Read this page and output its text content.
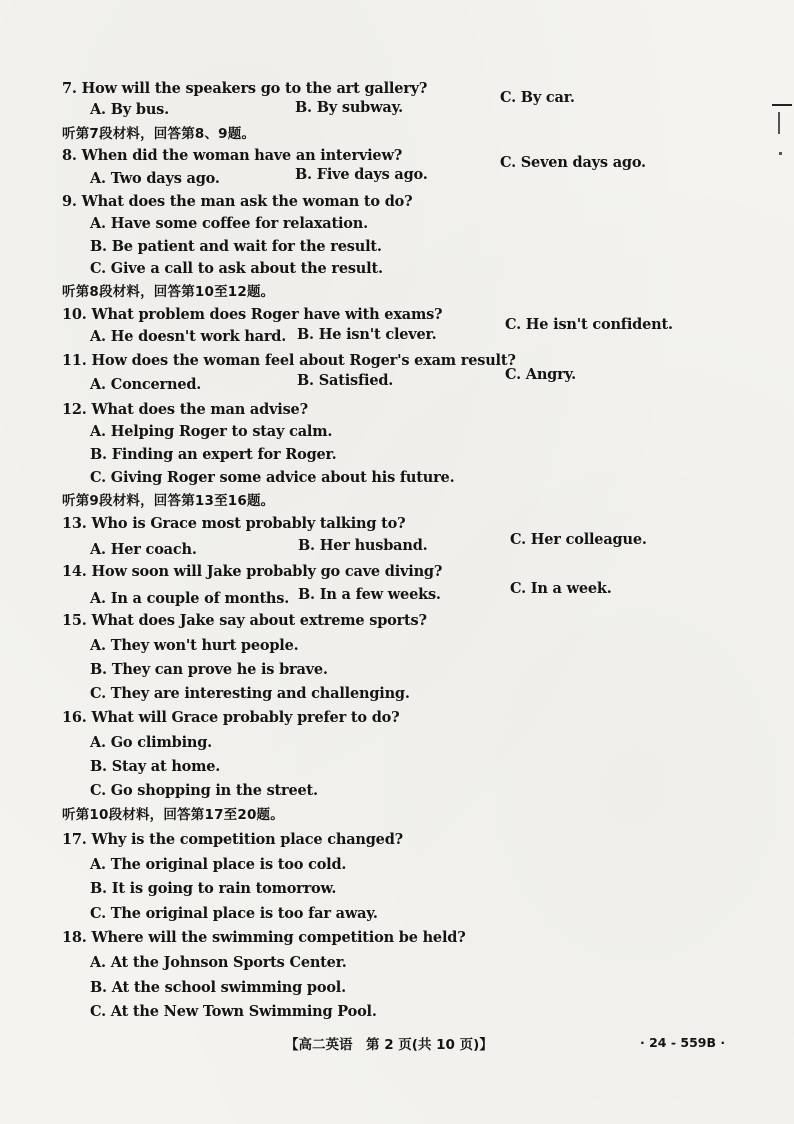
7. How will the speakers go to the art gallery?
A. By bus.	B. By subway.
C. By car.
听第7段材料，回答第8、9题。
8. When did the woman have an interview?
A. Two days ago.	B. Five days ago.
C. Seven days ago.
9. What does the man ask the woman to do?
A. Have some coffee for relaxation.
B. Be patient and wait for the result.
C. Give a call to ask about the result.
听第8段材料，回答第10至12题。
10. What problem does Roger have with exams?
A. He doesn't work hard. B. He isn't clever.
C. He isn't confident.
11. How does the woman feel about Roger's exam result?
A. Concerned.	B. Satisfied.	C. Angry.
12. What does the man advise?
A. Helping Roger to stay calm.
B. Finding an expert for Roger.
C. Giving Roger some advice about his future.
听第9段材料，回答第13至16题。
13. Who is Grace most probably talking to?
A. Her coach.	B. Her husband.	C. Her colleague.
14. How soon will Jake probably go cave diving?
A. In a couple of months. B. In a few weeks.	C. In a week.
15. What does Jake say about extreme sports?
A. They won't hurt people.
B. They can prove he is brave.
C. They are interesting and challenging.
16. What will Grace probably prefer to do?
A. Go climbing.
B. Stay at home.
C. Go shopping in the street.
听第10段材料，回答第17至20题。
17. Why is the competition place changed?
A. The original place is too cold.
B. It is going to rain tomorrow.
C. The original place is too far away.
18. Where will the swimming competition be held?
A. At the Johnson Sports Center.
B. At the school swimming pool.
C. At the New Town Swimming Pool.
【高二英语　第 2 页(共 10 页)】	· 24 - 559B ·
